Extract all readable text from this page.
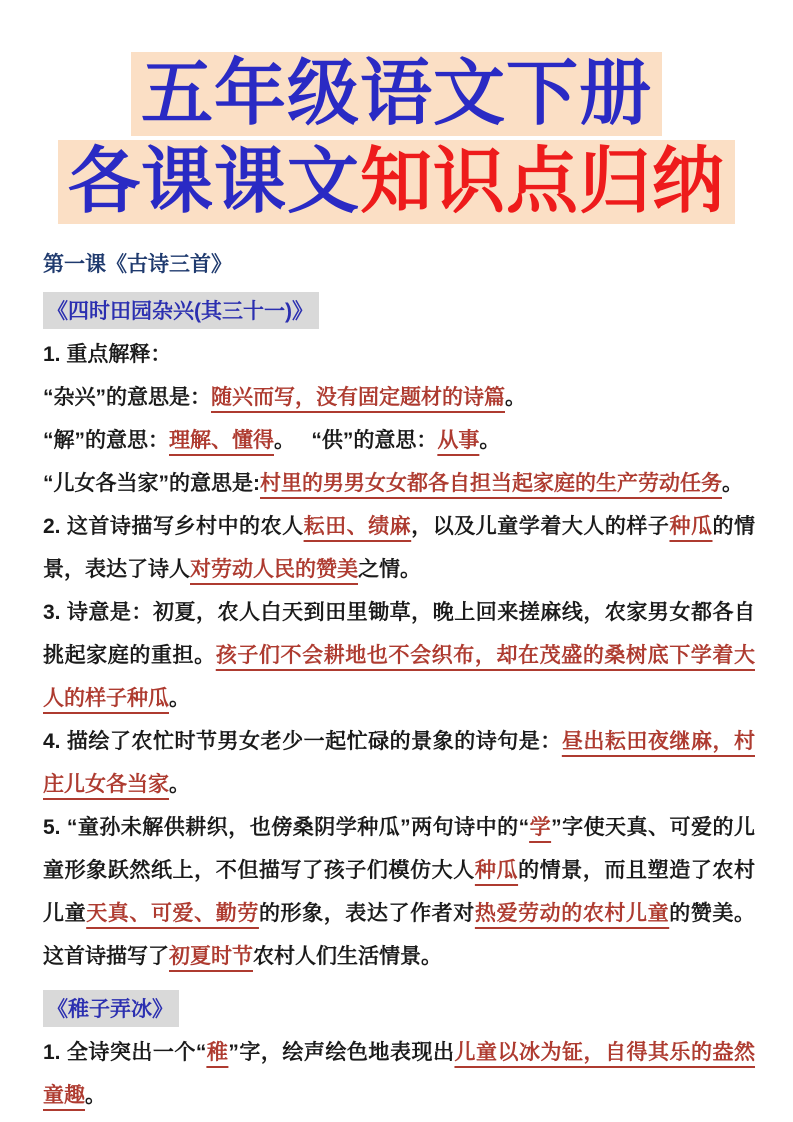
五年级语文下册
各课课文知识点归纳
第一课《古诗三首》
《四时田园杂兴(其三十一)》

1. 重点解释：

“杂兴”的意思是：随兴而写，没有固定题材的诗篇。

“解”的意思：理解、懂得。　 “供”的意思：从事。

“儿女各当家”的意思是:村里的男男女女都各自担当起家庭的生产劳动任务。

2. 这首诗描写乡村中的农人耘田、绩麻，以及儿童学着大人的样子种瓜的情景，表达了诗人对劳动人民的赞美之情。

3. 诗意是：初夏，农人白天到田里锄草，晚上回来搓麻线，农家男女都各自挑起家庭的重担。孩子们不会耕地也不会织布，却在茂盛的桑树底下学着大人的样子种瓜。

4. 描绘了农忙时节男女老少一起忙碌的景象的诗句是：昼出耘田夜继麻，村庄儿女各当家。

5. “童孙未解供耕织，也傍桑阴学种瓜”两句诗中的“学”字使天真、可爱的儿童形象跃然纸上，不但描写了孩子们模仿大人种瓜的情景，而且塑造了农村儿童天真、可爱、勤劳的形象，表达了作者对热爱劳动的农村儿童的赞美。这首诗描写了初夏时节农村人们生活情景。

《稚子弄冰》

1. 全诗突出一个“稚”字，绘声绘色地表现出儿童以冰为钲，自得其乐的盎然童趣。
